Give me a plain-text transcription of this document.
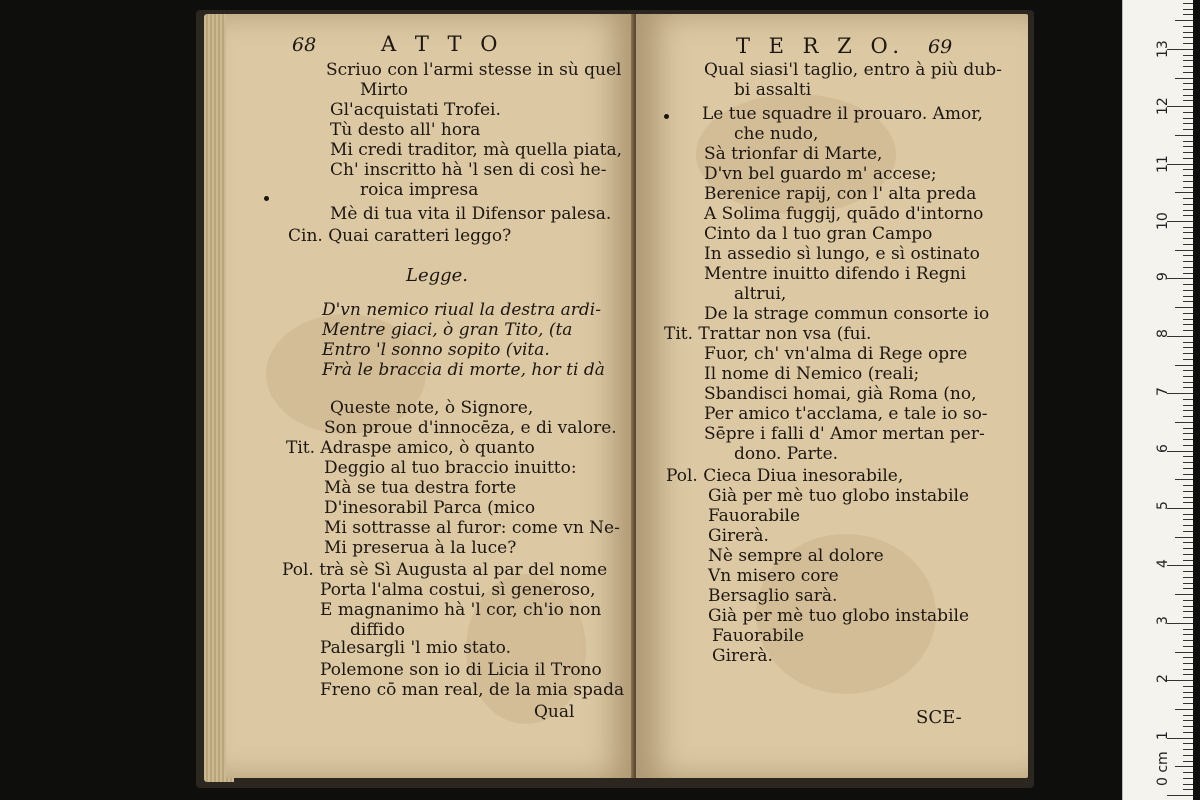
68	A T T O
Scriuo con l'armi stesse in sù quel
Mirto
Gl'acquistati Trofei.
Tù desto all' hora
Mi credi traditor, mà quella piata,
Ch' inscritto hà 'l sen di così he-
roica impresa
Mè di tua vita il Difensor palesa.
Cin. Quai caratteri leggo?
Legge.
D'vn nemico riual la destra ardi-
Mentre giaci, ò gran Tito, (ta
Entro 'l sonno sopito (vita.
Frà le braccia di morte, hor ti dà
Queste note, ò Signore,
Son proue d'innocēza, e di valore.
Tit. Adraspe amico, ò quanto
Deggio al tuo braccio inuitto:
Mà se tua destra forte
D'inesorabil Parca (mico
Mi sottrasse al furor: come vn Ne-
Mi preserua à la luce?
Pol. trà sè Sì Augusta al par del nome
Porta l'alma costui, sì generoso,
E magnanimo hà 'l cor, ch'io non
diffido
Palesargli 'l mio stato.
Polemone son io di Licia il Trono
Freno cō man real, de la mia spada
Qual
T E R Z O. 69
Qual siasi'l taglio, entro à più dub-
bi assalti
Le tue squadre il prouaro. Amor,
che nudo,
Sà trionfar di Marte,
D'vn bel guardo m' accese;
Berenice rapij, con l' alta preda
A Solima fuggij, quādo d'intorno
Cinto da l tuo gran Campo
In assedio sì lungo, e sì ostinato
Mentre inuitto difendo i Regni
altrui,
De la strage commun consorte io
Tit. Trattar non vsa (fui.
Fuor, ch' vn'alma di Rege opre
Il nome di Nemico (reali;
Sbandisci homai, già Roma (no,
Per amico t'acclama, e tale io so-
Sēpre i falli d' Amor mertan per-
dono. Parte.
Pol. Cieca Diua inesorabile,
Già per mè tuo globo instabile
Fauorabile
Girerà.
Nè sempre al dolore
Vn misero core
Bersaglio sarà.
Già per mè tuo globo instabile
Fauorabile
Girerà.
SCE-
0 cm
1
2
3
4
5
6
7
8
9
10
11
12
13
